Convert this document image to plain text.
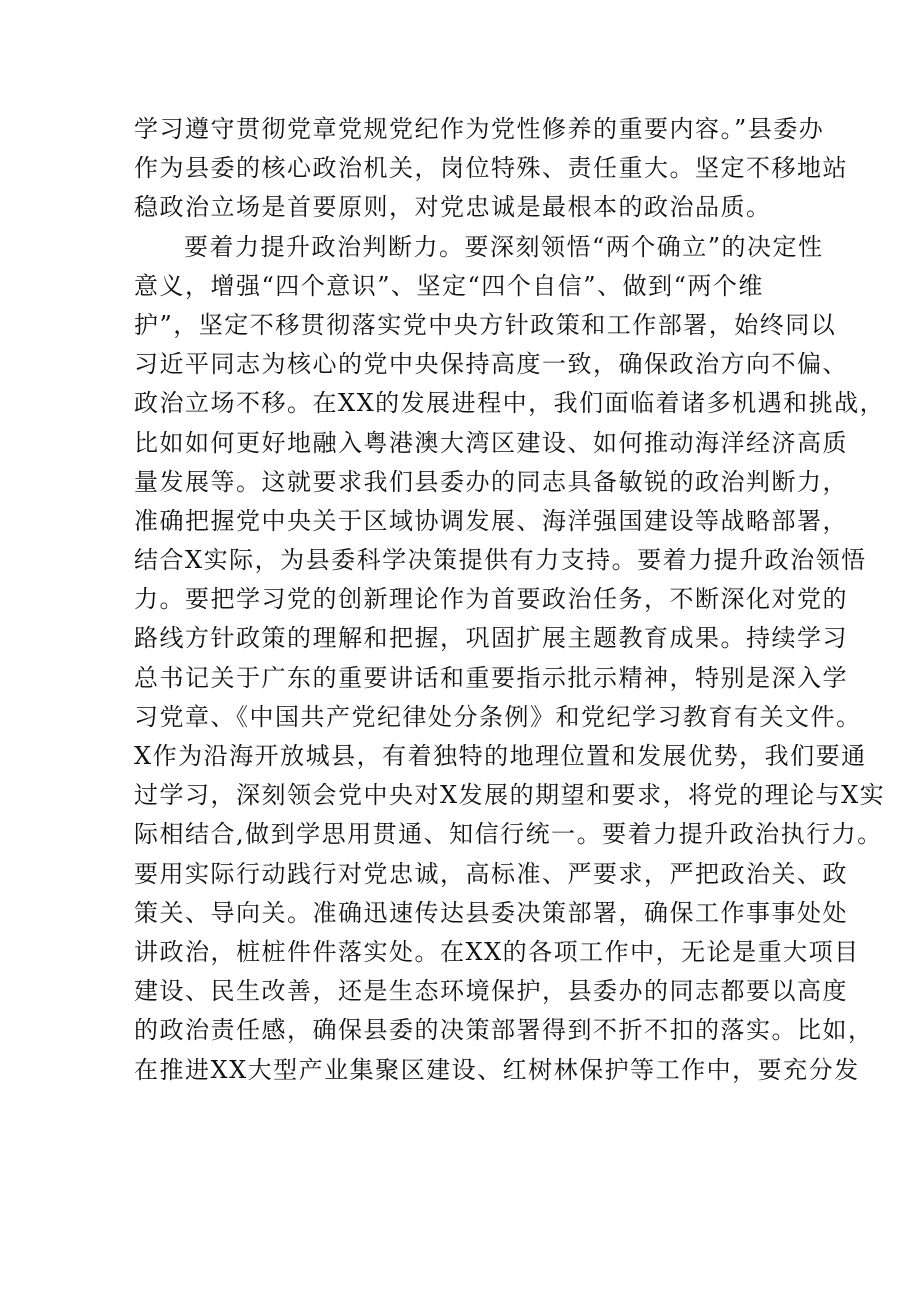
学习遵守贯彻党章党规党纪作为党性修养的重要内容。”县委办
作为县委的核心政治机关，岗位特殊、责任重大。坚定不移地站
稳政治立场是首要原则，对党忠诚是最根本的政治品质。
要着力提升政治判断力。要深刻领悟“两个确立”的决定性
意义，增强“四个意识”、坚定“四个自信”、做到“两个维
护”，坚定不移贯彻落实党中央方针政策和工作部署，始终同以
习近平同志为核心的党中央保持高度一致，确保政治方向不偏、
政治立场不移。在XX的发展进程中，我们面临着诸多机遇和挑战，
比如如何更好地融入粤港澳大湾区建设、如何推动海洋经济高质
量发展等。这就要求我们县委办的同志具备敏锐的政治判断力，
准确把握党中央关于区域协调发展、海洋强国建设等战略部署，
结合X实际，为县委科学决策提供有力支持。要着力提升政治领悟
力。要把学习党的创新理论作为首要政治任务，不断深化对党的
路线方针政策的理解和把握，巩固扩展主题教育成果。持续学习
总书记关于广东的重要讲话和重要指示批示精神，特别是深入学
习党章、《中国共产党纪律处分条例》和党纪学习教育有关文件。
X作为沿海开放城县，有着独特的地理位置和发展优势，我们要通
过学习，深刻领会党中央对X发展的期望和要求，将党的理论与X实
际相结合,做到学思用贯通、知信行统一。要着力提升政治执行力。
要用实际行动践行对党忠诚，高标准、严要求，严把政治关、政
策关、导向关。准确迅速传达县委决策部署，确保工作事事处处
讲政治，桩桩件件落实处。在XX的各项工作中，无论是重大项目
建设、民生改善，还是生态环境保护，县委办的同志都要以高度
的政治责任感，确保县委的决策部署得到不折不扣的落实。比如，
在推进XX大型产业集聚区建设、红树林保护等工作中，要充分发
